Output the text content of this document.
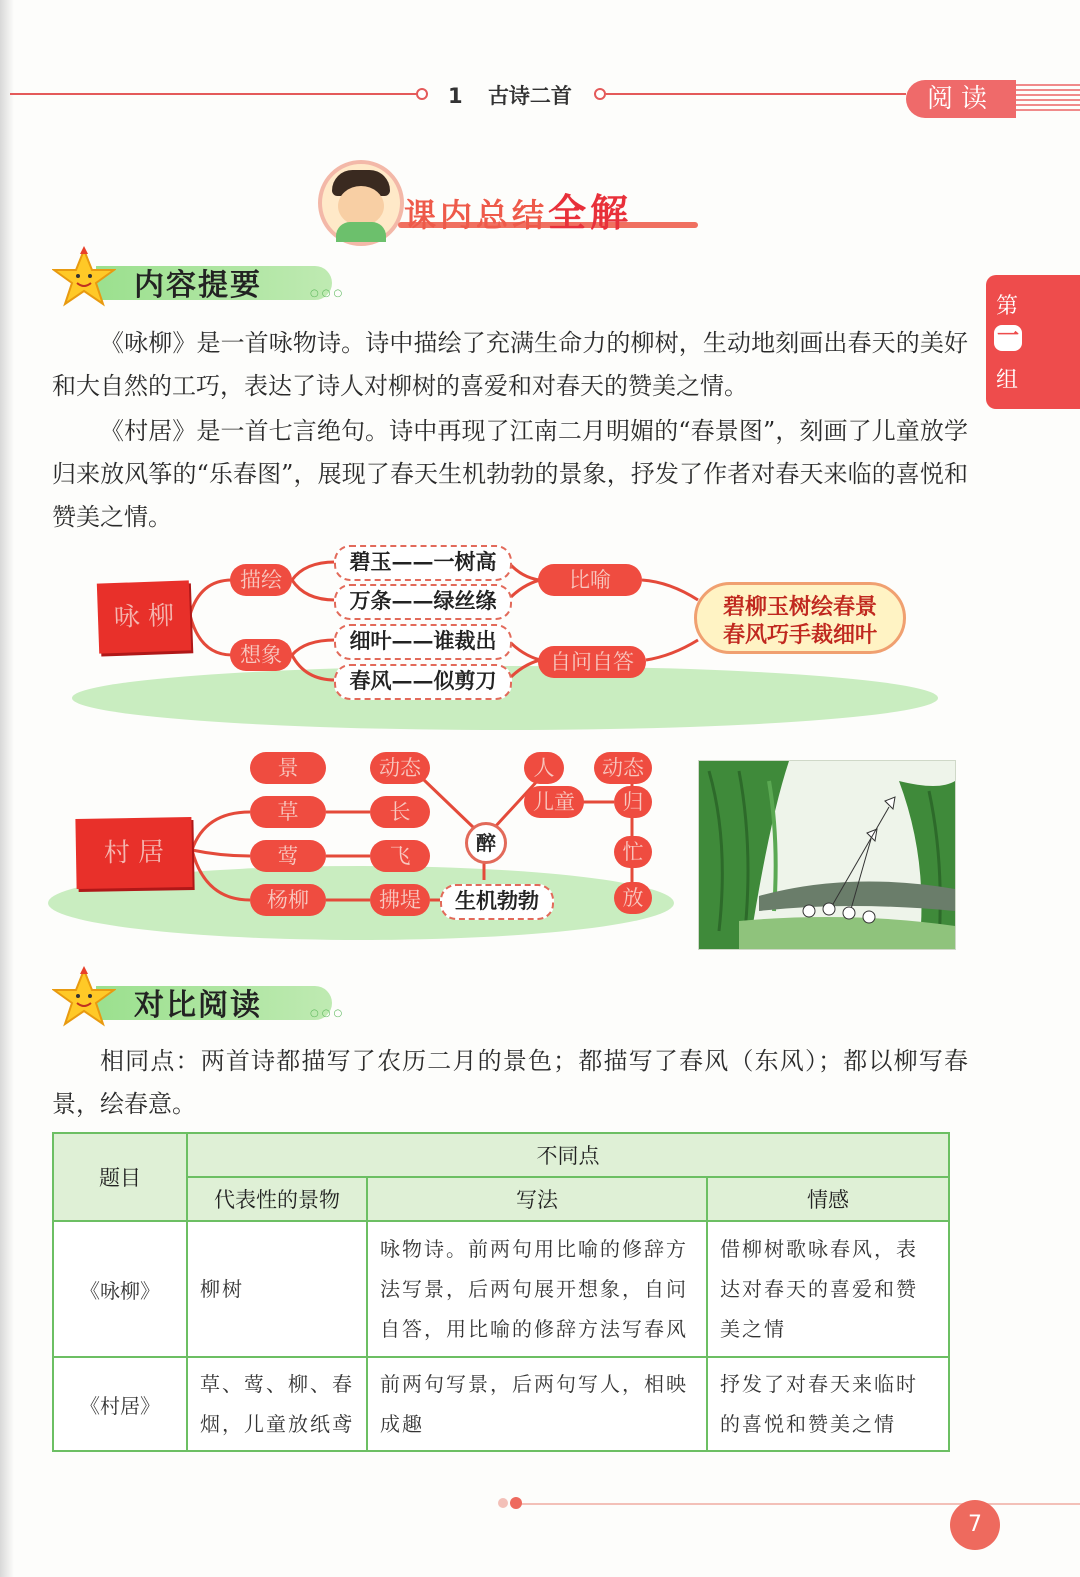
1 古诗二首	阅读
第
一
组
课内总结全解
内容提要	○○○
《咏柳》是一首咏物诗。诗中描绘了充满生命力的柳树，生动地刻画出春天的美好和大自然的工巧，表达了诗人对柳树的喜爱和对春天的赞美之情。
《村居》是一首七言绝句。诗中再现了江南二月明媚的“春景图”，刻画了儿童放学归来放风筝的“乐春图”，展现了春天生机勃勃的景象，抒发了作者对春天来临的喜悦和赞美之情。
咏 柳
描绘
想象
碧玉——一树高
万条——绿丝绦
细叶——谁裁出
春风——似剪刀
比喻
自问自答
碧柳玉树绘春景
春风巧手裁细叶
村 居
景
草
莺
杨柳
动态
长
飞
拂堤
醉
生机勃勃
人
儿童
动态
归
忙
放
对比阅读	○○○
相同点：两首诗都描写了农历二月的景色；都描写了春风（东风）；都以柳写春景，绘春意。
题目	不同点		
	代表性的景物	写法	情感
《咏柳》	柳树	咏物诗。前两句用比喻的修辞方法写景，后两句展开想象，自问自答，用比喻的修辞方法写春风	借柳树歌咏春风，表达对春天的喜爱和赞美之情

《村居》	草、莺、柳、春烟，儿童放纸鸢	前两句写景，后两句写人，相映成趣	抒发了对春天来临时的喜悦和赞美之情
7
